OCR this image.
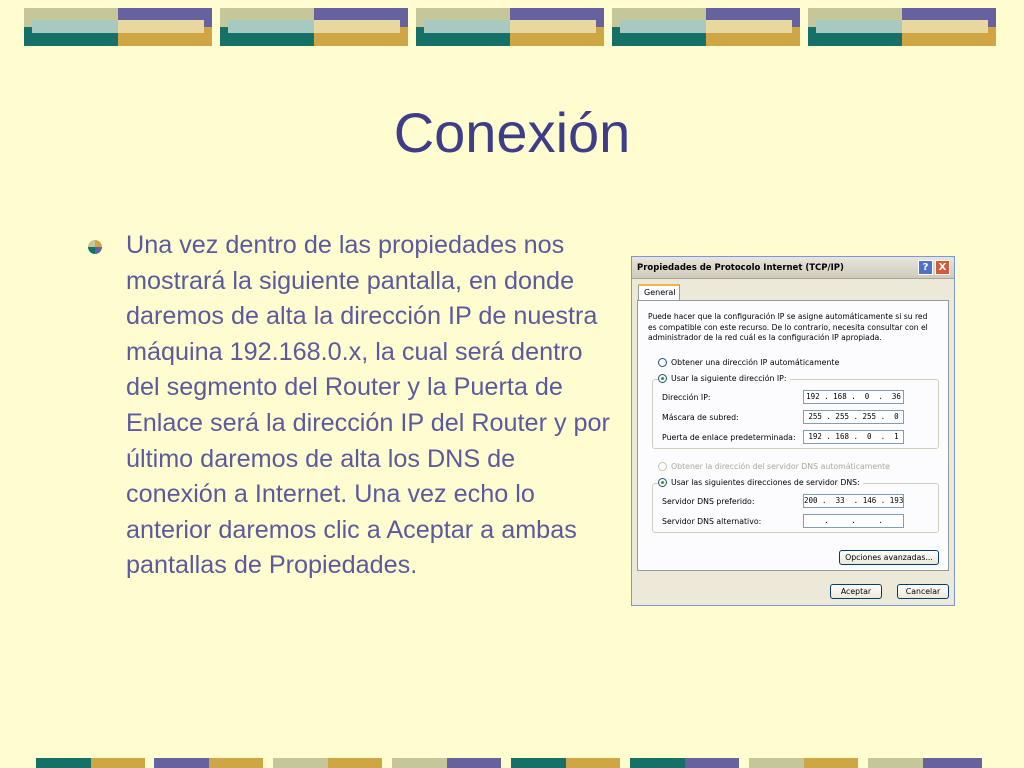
Conexión

Una vez dentro de las propiedades nos mostrará la siguiente pantalla, en donde daremos de alta la dirección IP de nuestra máquina 192.168.0.x, la cual será dentro del segmento del Router y la Puerta de Enlace será la dirección IP del Router y por último daremos de alta los DNS de conexión a Internet. Una vez echo lo anterior daremos clic a Aceptar a ambas pantallas de Propiedades.

Propiedades de Protocolo Internet (TCP/IP)	?	X
General
Puede hacer que la configuración IP se asigne automáticamente si su red es compatible con este recurso. De lo contrario, necesita consultar con el administrador de la red cuál es la configuración IP apropiada.
Obtener una dirección IP automáticamente
Dirección IP:	192 . 168 .  0  .  36
Máscara de subred:	255 . 255 . 255 .  0
Puerta de enlace predeterminada:	192 . 168 .  0  .  1
Usar la siguiente dirección IP:
Obtener la dirección del servidor DNS automáticamente
Servidor DNS preferido:	200 .  33  . 146 . 193
Servidor DNS alternativo:	.     .     .
Usar las siguientes direcciones de servidor DNS:
Opciones avanzadas...
Aceptar	Cancelar
